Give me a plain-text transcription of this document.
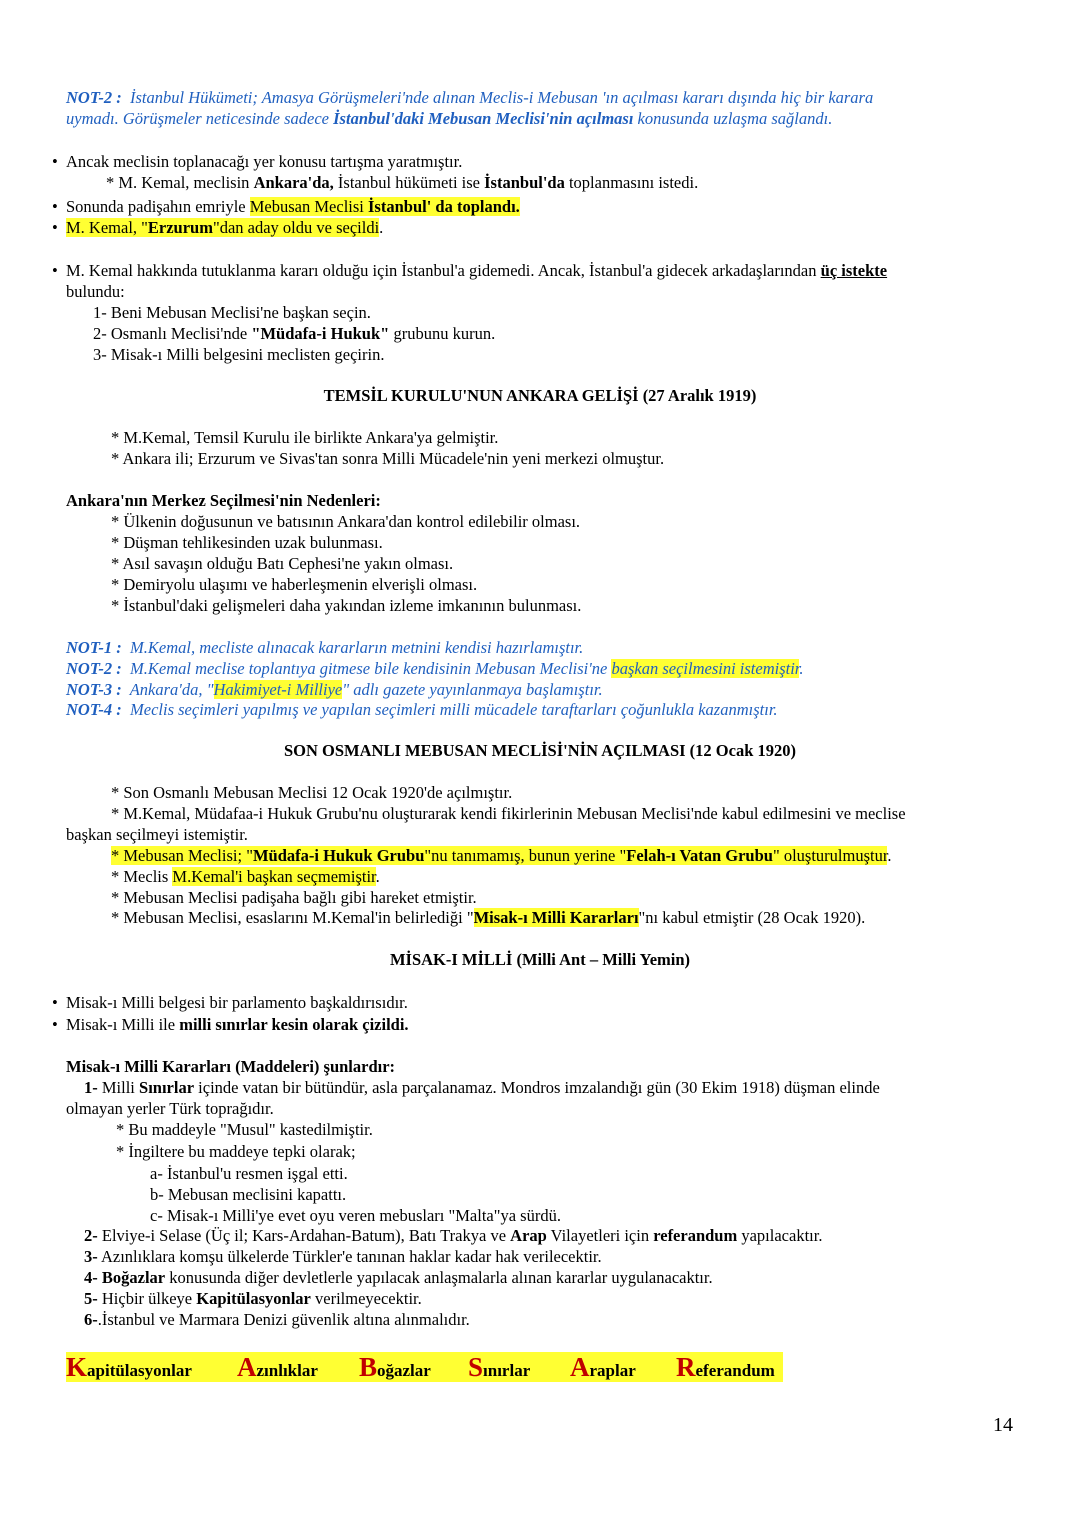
NOT-2 : İstanbul Hükümeti; Amasya Görüşmeleri'nde alınan Meclis-i Mebusan 'ın açılması kararı dışında hiç bir karara
uymadı. Görüşmeler neticesinde sadece İstanbul'daki Mebusan Meclisi'nin açılması konusunda uzlaşma sağlandı.
• Ancak meclisin toplanacağı yer konusu tartışma yaratmıştır.
* M. Kemal, meclisin Ankara'da, İstanbul hükümeti ise İstanbul'da toplanmasını istedi.
• Sonunda padişahın emriyle Mebusan Meclisi İstanbul' da toplandı.
• M. Kemal, "Erzurum"dan aday oldu ve seçildi.
• M. Kemal hakkında tutuklanma kararı olduğu için İstanbul'a gidemedi. Ancak, İstanbul'a gidecek arkadaşlarından üç istekte
bulundu:
1- Beni Mebusan Meclisi'ne başkan seçin.
2- Osmanlı Meclisi'nde "Müdafa-i Hukuk" grubunu kurun.
3- Misak-ı Milli belgesini meclisten geçirin.
TEMSİL KURULU'NUN ANKARA GELİŞİ (27 Aralık 1919)
* M.Kemal, Temsil Kurulu ile birlikte Ankara'ya gelmiştir.
* Ankara ili; Erzurum ve Sivas'tan sonra Milli Mücadele'nin yeni merkezi olmuştur.
Ankara'nın Merkez Seçilmesi'nin Nedenleri:
* Ülkenin doğusunun ve batısının Ankara'dan kontrol edilebilir olması.
* Düşman tehlikesinden uzak bulunması.
* Asıl savaşın olduğu Batı Cephesi'ne yakın olması.
* Demiryolu ulaşımı ve haberleşmenin elverişli olması.
* İstanbul'daki gelişmeleri daha yakından izleme imkanının bulunması.
NOT-1 : M.Kemal, mecliste alınacak kararların metnini kendisi hazırlamıştır.
NOT-2 : M.Kemal meclise toplantıya gitmese bile kendisinin Mebusan Meclisi'ne başkan seçilmesini istemiştir.
NOT-3 : Ankara'da, "Hakimiyet-i Milliye" adlı gazete yayınlanmaya başlamıştır.
NOT-4 : Meclis seçimleri yapılmış ve yapılan seçimleri milli mücadele taraftarları çoğunlukla kazanmıştır.
SON OSMANLI MEBUSAN MECLİSİ'NİN AÇILMASI (12 Ocak 1920)
* Son Osmanlı Mebusan Meclisi 12 Ocak 1920'de açılmıştır.
* M.Kemal, Müdafaa-i Hukuk Grubu'nu oluşturarak kendi fikirlerinin Mebusan Meclisi'nde kabul edilmesini ve meclise
başkan seçilmeyi istemiştir.
* Mebusan Meclisi; "Müdafa-i Hukuk Grubu"nu tanımamış, bunun yerine "Felah-ı Vatan Grubu" oluşturulmuştur.
* Meclis M.Kemal'i başkan seçmemiştir.
* Mebusan Meclisi padişaha bağlı gibi hareket etmiştir.
* Mebusan Meclisi, esaslarını M.Kemal'in belirlediği "Misak-ı Milli Kararları"nı kabul etmiştir (28 Ocak 1920).
MİSAK-I MİLLİ (Milli Ant – Milli Yemin)
• Misak-ı Milli belgesi bir parlamento başkaldırısıdır.
• Misak-ı Milli ile milli sınırlar kesin olarak çizildi.
Misak-ı Milli Kararları (Maddeleri) şunlardır:
1- Milli Sınırlar içinde vatan bir bütündür, asla parçalanamaz. Mondros imzalandığı gün (30 Ekim 1918) düşman elinde
olmayan yerler Türk toprağıdır.
* Bu maddeyle "Musul" kastedilmiştir.
* İngiltere bu maddeye tepki olarak;
a- İstanbul'u resmen işgal etti.
b- Mebusan meclisini kapattı.
c- Misak-ı Milli'ye evet oyu veren mebusları "Malta"ya sürdü.
2- Elviye-i Selase (Üç il; Kars-Ardahan-Batum), Batı Trakya ve Arap Vilayetleri için referandum yapılacaktır.
3- Azınlıklara komşu ülkelerde Türkler'e tanınan haklar kadar hak verilecektir.
4- Boğazlar konusunda diğer devletlerle yapılacak anlaşmalarla alınan kararlar uygulanacaktır.
5- Hiçbir ülkeye Kapitülasyonlar verilmeyecektir.
6-.İstanbul ve Marmara Denizi güvenlik altına alınmalıdır.
Kapitülasyonlar Azınlıklar Boğazlar Sınırlar Araplar Referandum
14
